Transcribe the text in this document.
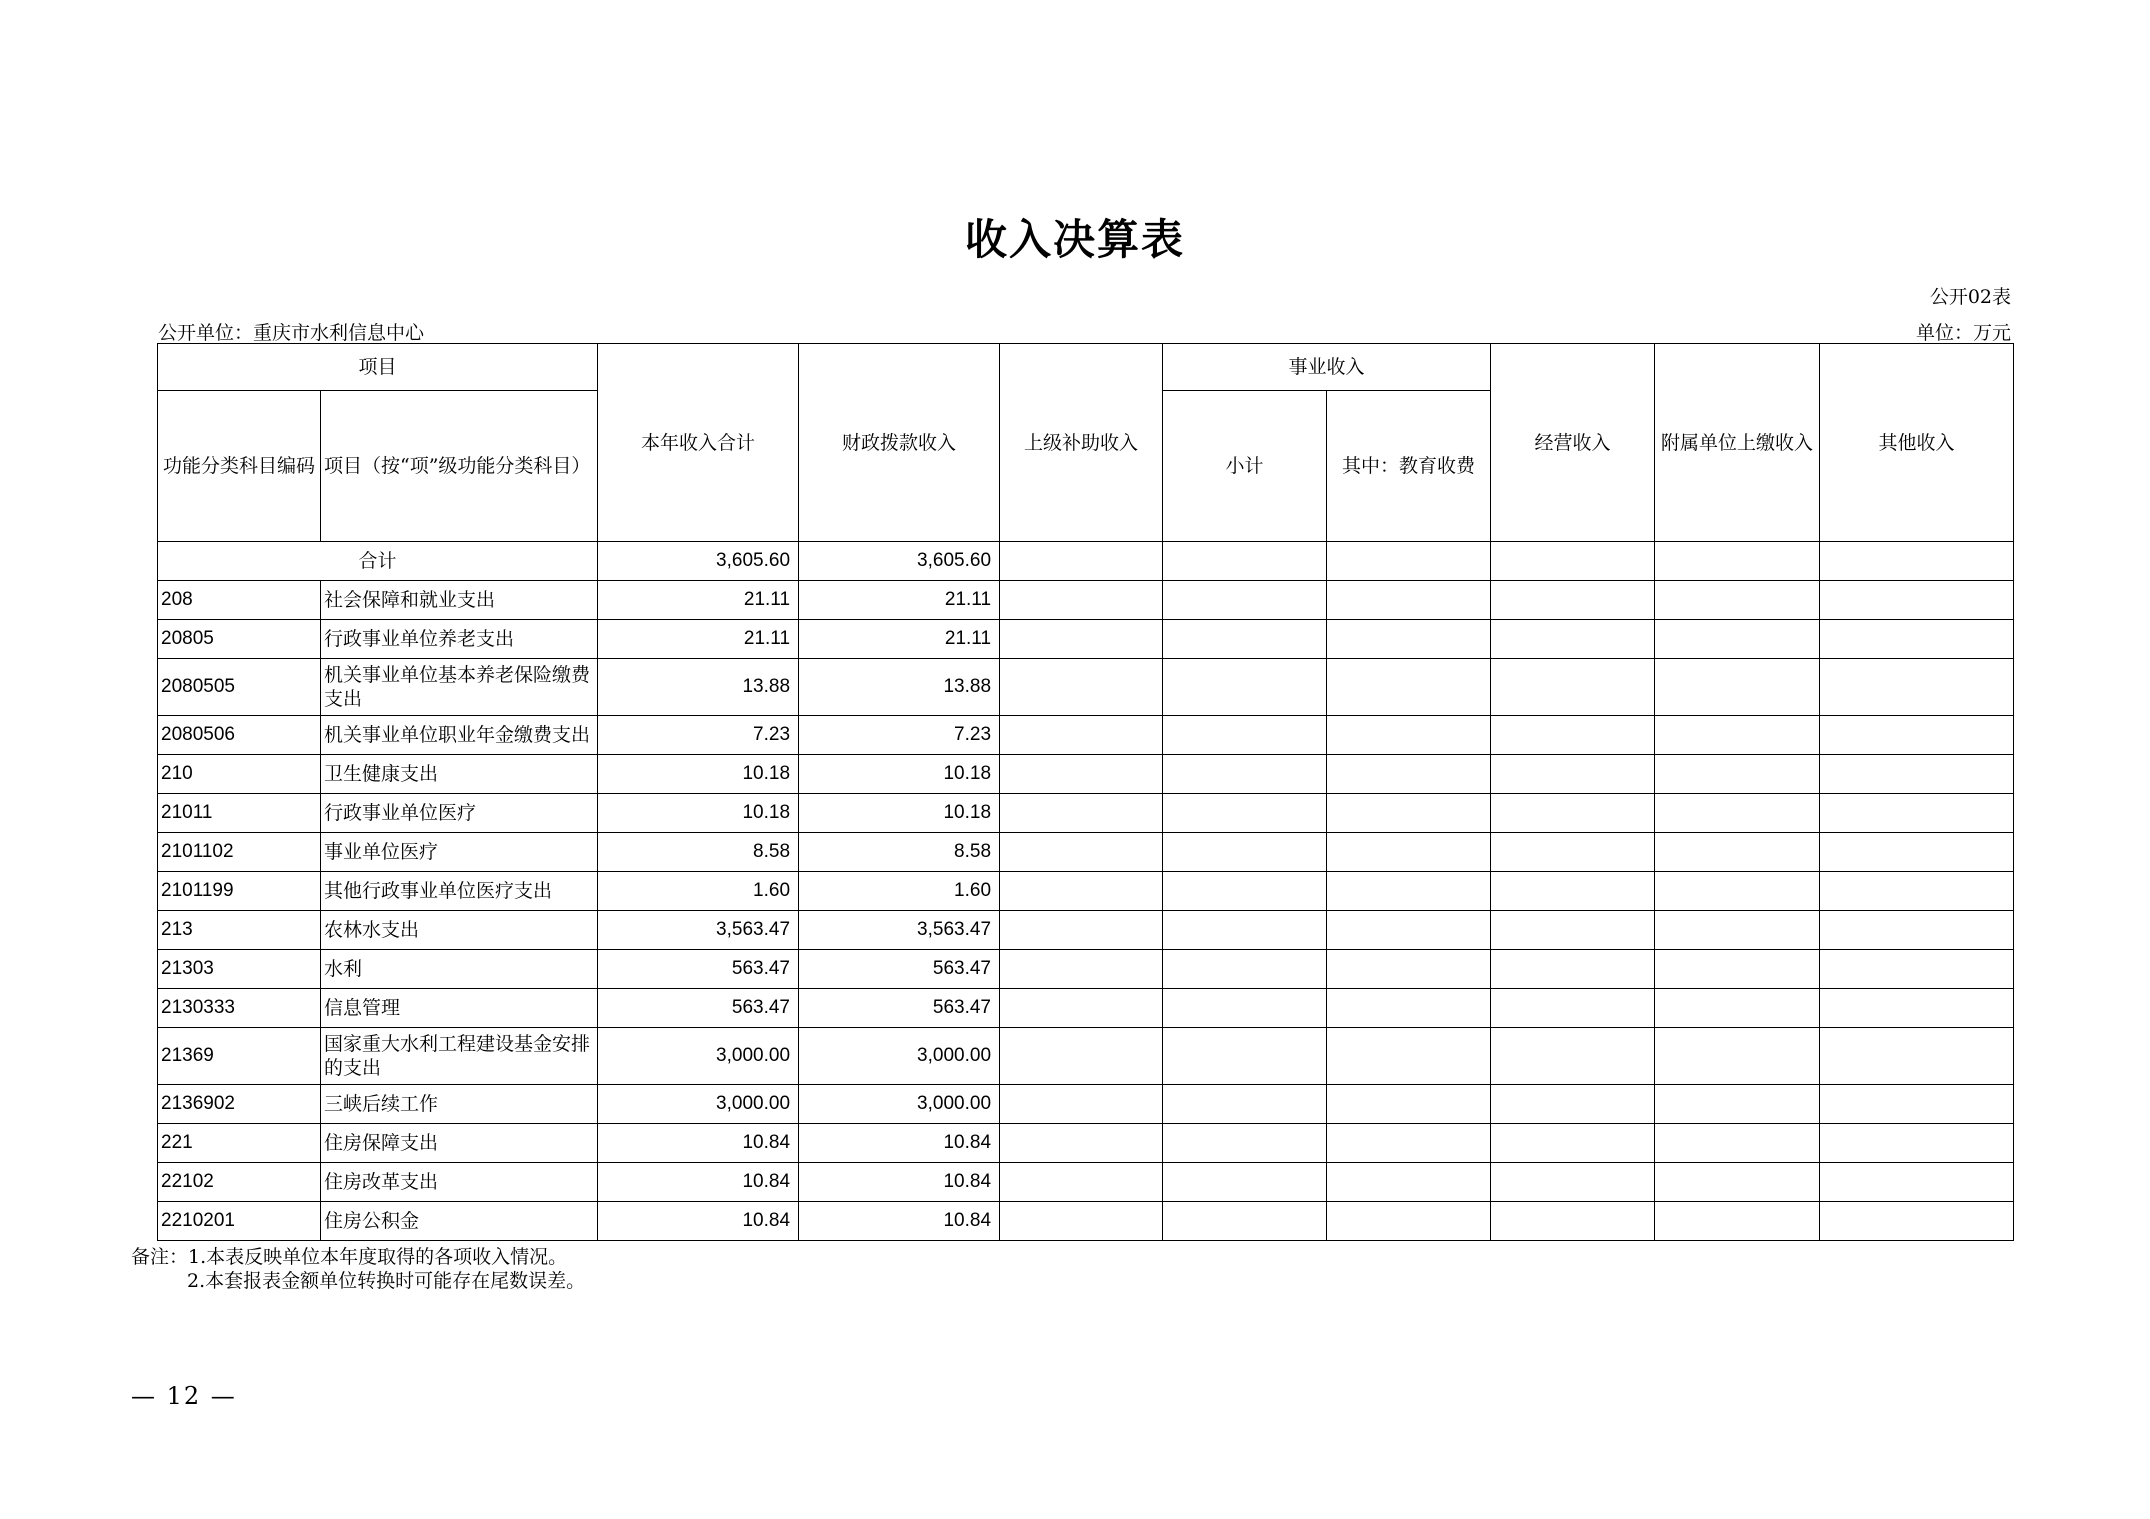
收入决算表
公开02表
公开单位：重庆市水利信息中心	单位：万元
项目		本年收入合计	财政拨款收入	上级补助收入	事业收入		经营收入	附属单位上缴收入	其他收入
功能分类科目编码	项目（按“项”级功能分类科目）				小计	其中：教育收费			
合计		3,605.60	3,605.60						
208	社会保障和就业支出	21.11	21.11						
20805	行政事业单位养老支出	21.11	21.11						
2080505	机关事业单位基本养老保险缴费支出	13.88	13.88						
2080506	机关事业单位职业年金缴费支出	7.23	7.23						
210	卫生健康支出	10.18	10.18						
21011	行政事业单位医疗	10.18	10.18						
2101102	事业单位医疗	8.58	8.58						
2101199	其他行政事业单位医疗支出	1.60	1.60						
213	农林水支出	3,563.47	3,563.47						
21303	水利	563.47	563.47						
2130333	信息管理	563.47	563.47						
21369	国家重大水利工程建设基金安排的支出	3,000.00	3,000.00						
2136902	三峡后续工作	3,000.00	3,000.00						
221	住房保障支出	10.84	10.84						
22102	住房改革支出	10.84	10.84						
2210201	住房公积金	10.84	10.84						
备注：1.本表反映单位本年度取得的各项收入情况。
2.本套报表金额单位转换时可能存在尾数误差。
— 12 —
